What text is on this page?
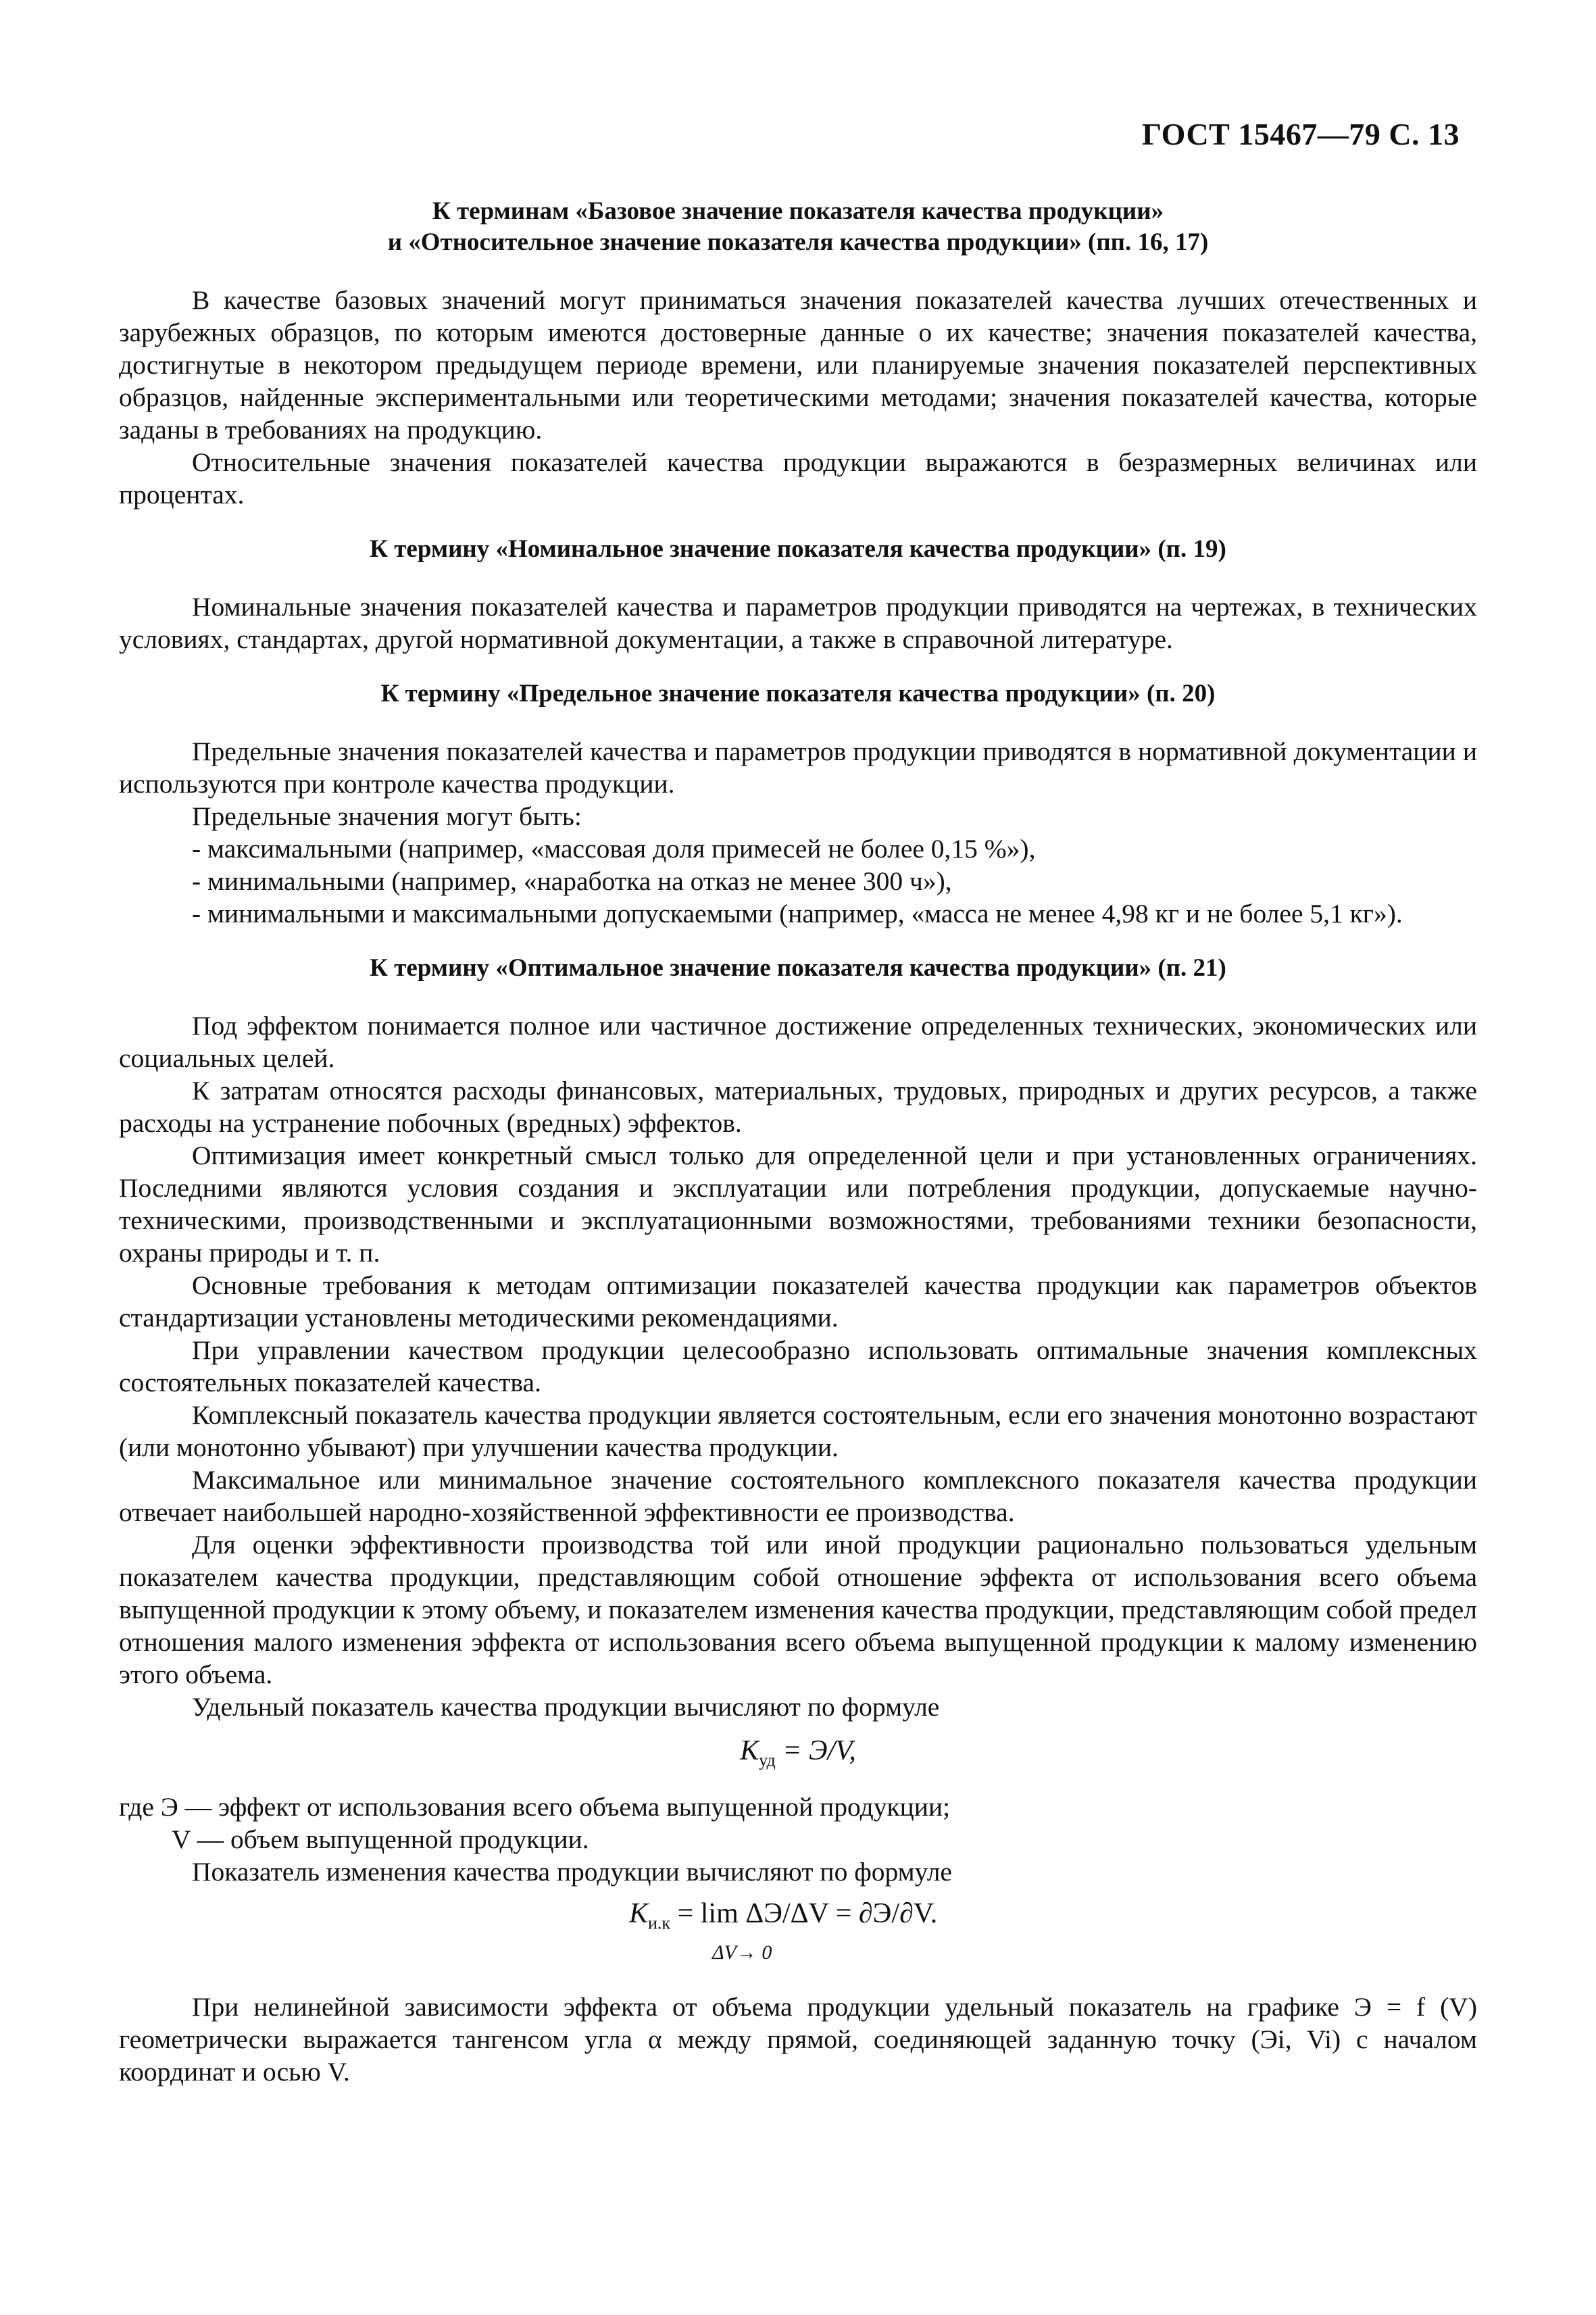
ГОСТ 15467—79 С. 13
К терминам «Базовое значение показателя качества продукции»
и «Относительное значение показателя качества продукции» (пп. 16, 17)

В качестве базовых значений могут приниматься значения показателей качества лучших отечественных и зарубежных образцов, по которым имеются достоверные данные о их качестве; значения показателей качества, достигнутые в некотором предыдущем периоде времени, или планируемые значения показателей перспективных образцов, найденные экспериментальными или теоретическими методами; значения показателей качества, которые заданы в требованиях на продукцию.

Относительные значения показателей качества продукции выражаются в безразмерных величинах или процентах.

К термину «Номинальное значение показателя качества продукции» (п. 19)

Номинальные значения показателей качества и параметров продукции приводятся на чертежах, в технических условиях, стандартах, другой нормативной документации, а также в справочной литературе.

К термину «Предельное значение показателя качества продукции» (п. 20)

Предельные значения показателей качества и параметров продукции приводятся в нормативной документации и используются при контроле качества продукции.

Предельные значения могут быть:

- максимальными (например, «массовая доля примесей не более 0,15 %»),

- минимальными (например, «наработка на отказ не менее 300 ч»),

- минимальными и максимальными допускаемыми (например, «масса не менее 4,98 кг и не более 5,1 кг»).

К термину «Оптимальное значение показателя качества продукции» (п. 21)

Под эффектом понимается полное или частичное достижение определенных технических, экономических или социальных целей.

К затратам относятся расходы финансовых, материальных, трудовых, природных и других ресурсов, а также расходы на устранение побочных (вредных) эффектов.

Оптимизация имеет конкретный смысл только для определенной цели и при установленных ограничениях. Последними являются условия создания и эксплуатации или потребления продукции, допускаемые научно-техническими, производственными и эксплуатационными возможностями, требованиями техники безопасности, охраны природы и т. п.

Основные требования к методам оптимизации показателей качества продукции как параметров объектов стандартизации установлены методическими рекомендациями.

При управлении качеством продукции целесообразно использовать оптимальные значения комплексных состоятельных показателей качества.

Комплексный показатель качества продукции является состоятельным, если его значения монотонно возрастают (или монотонно убывают) при улучшении качества продукции.

Максимальное или минимальное значение состоятельного комплексного показателя качества продукции отвечает наибольшей народно-хозяйственной эффективности ее производства.

Для оценки эффективности производства той или иной продукции рационально пользоваться удельным показателем качества продукции, представляющим собой отношение эффекта от использования всего объема выпущенной продукции к этому объему, и показателем изменения качества продукции, представляющим собой предел отношения малого изменения эффекта от использования всего объема выпущенной продукции к малому изменению этого объема.

Удельный показатель качества продукции вычисляют по формуле

$K_{уд} = Э/V$,

где Э — эффект от использования всего объема выпущенной продукции;

V — объем выпущенной продукции.

Показатель изменения качества продукции вычисляют по формуле

$K_{и.к} = \lim \Delta Э/\Delta V = \partial Э/\partial V$.
ΔV→ 0

При нелинейной зависимости эффекта от объема продукции удельный показатель на графике Э = f (V) геометрически выражается тангенсом угла α между прямой, соединяющей заданную точку (Эi, Vi) с началом координат и осью V.
